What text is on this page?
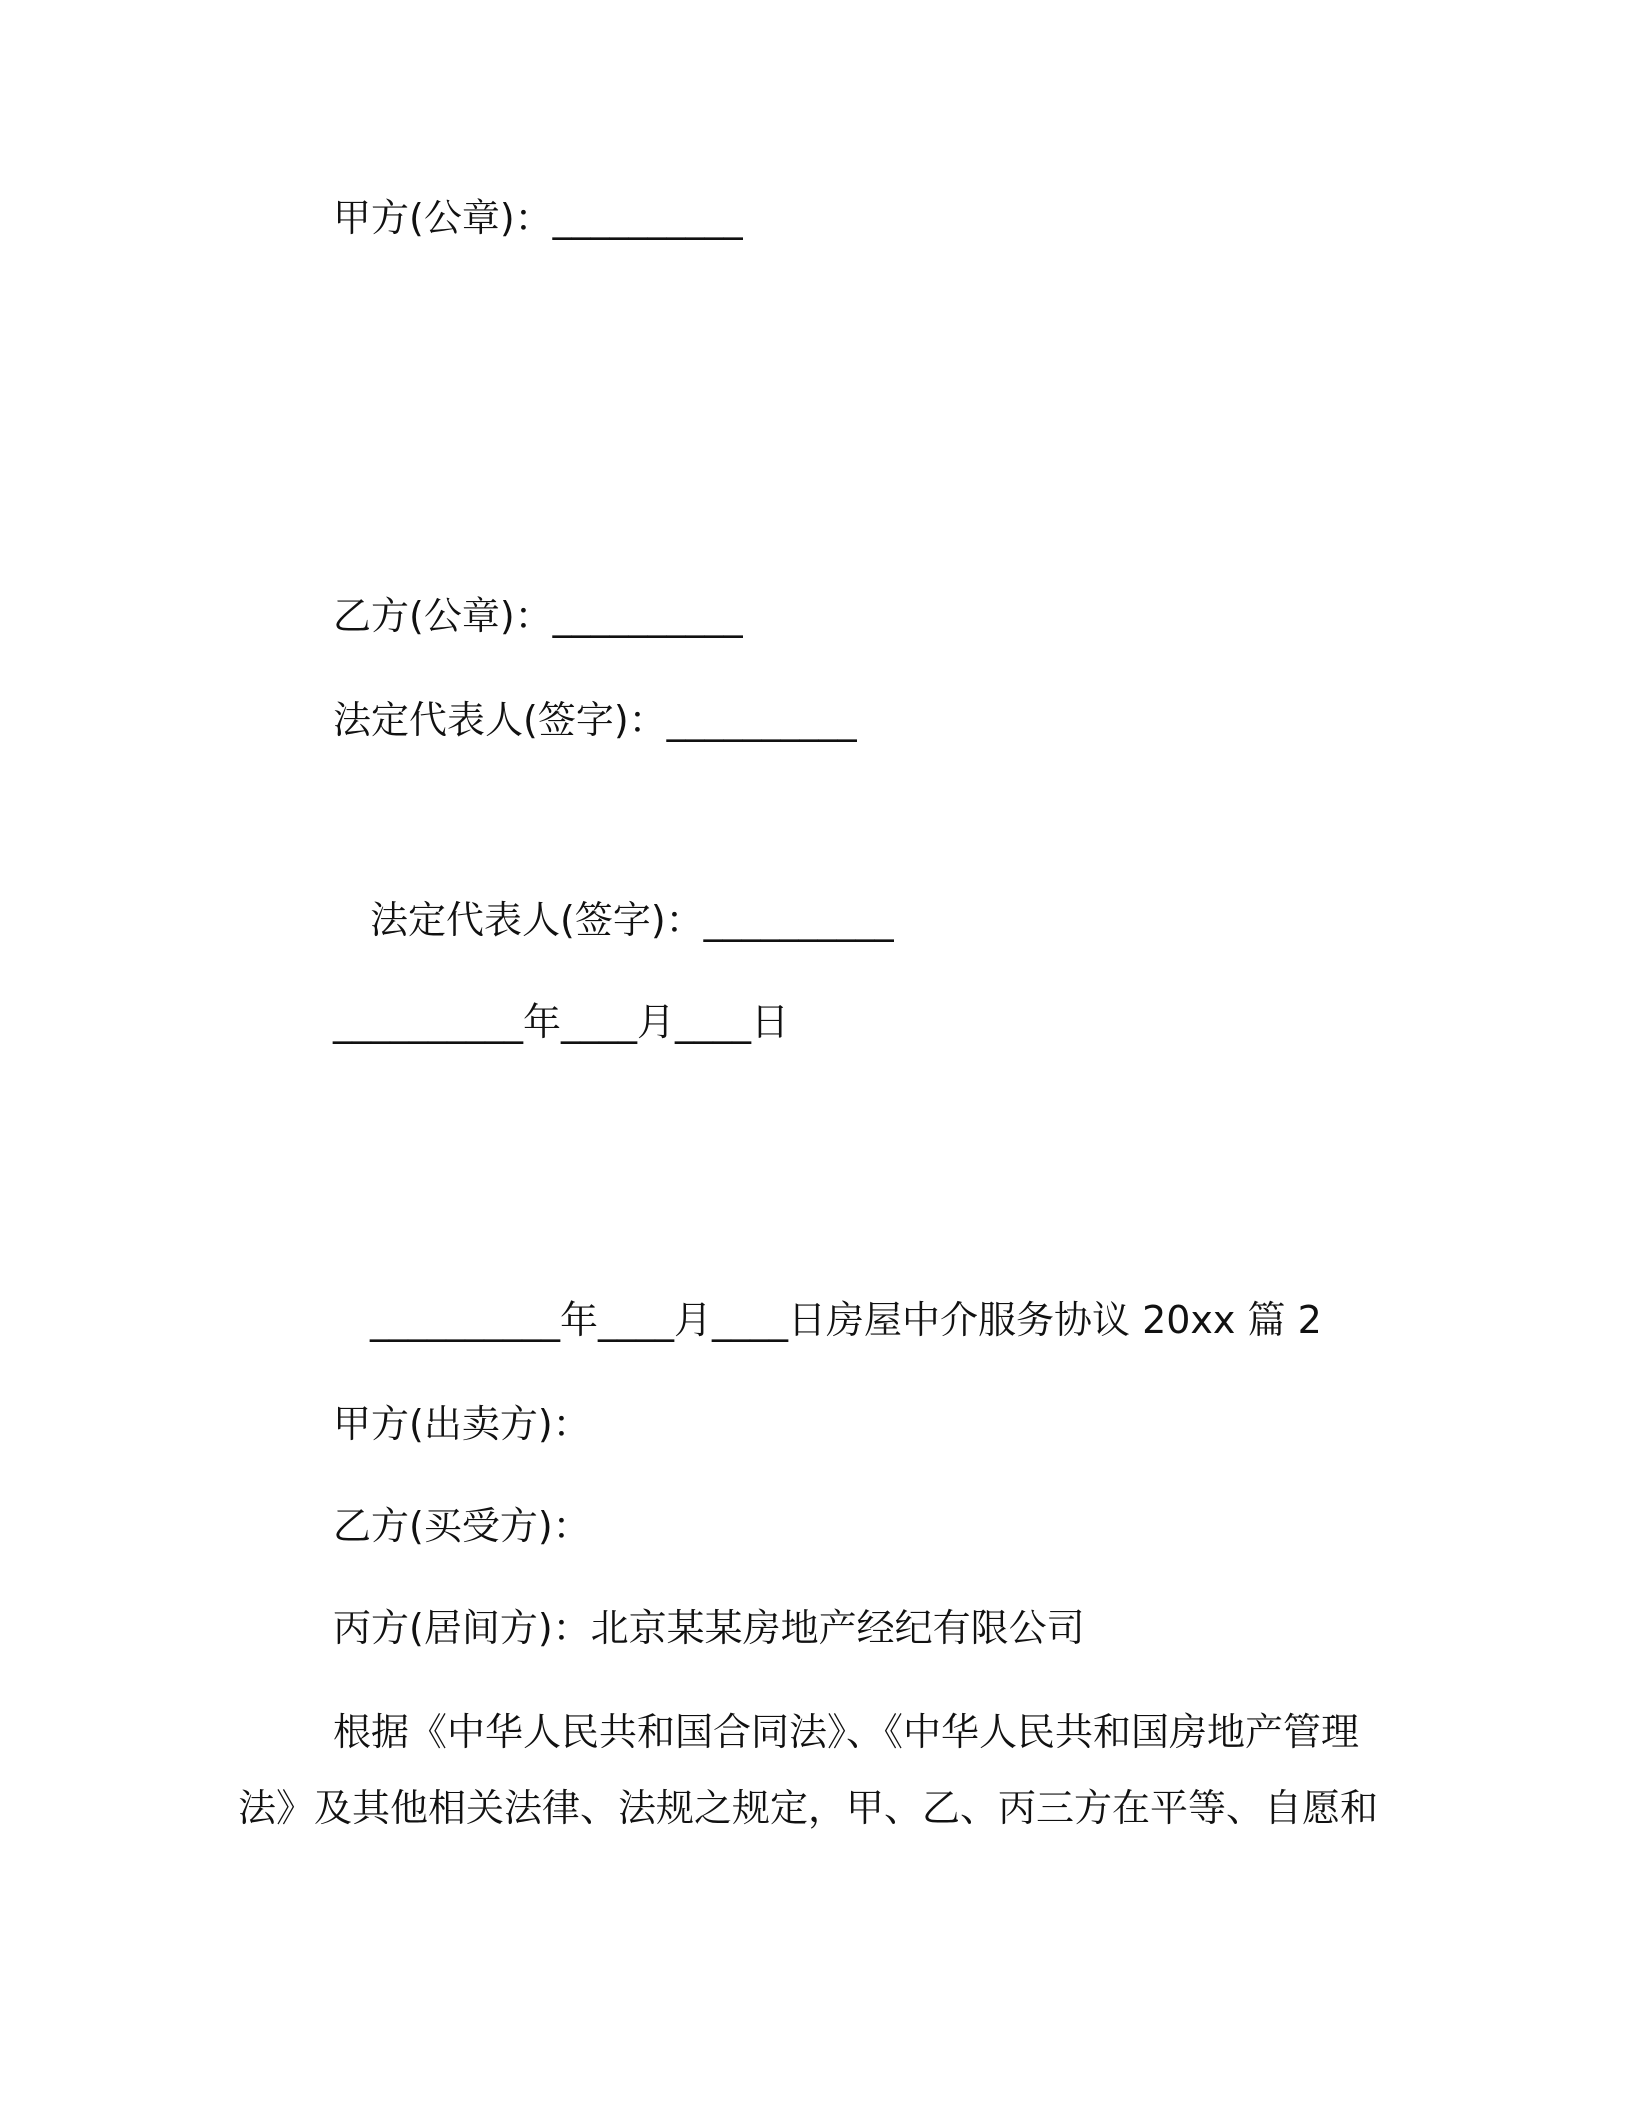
甲方(公章)：__________
乙方(公章)：__________
法定代表人(签字)：__________
法定代表人(签字)：__________
__________年____月____日
__________年____月____日房屋中介服务协议 20xx 篇 2
甲方(出卖方)：
乙方(买受方)：
丙方(居间方)：北京某某房地产经纪有限公司
根据《中华人民共和国合同法》、《中华人民共和国房地产管理
法》及其他相关法律、法规之规定，甲、乙、丙三方在平等、自愿和
